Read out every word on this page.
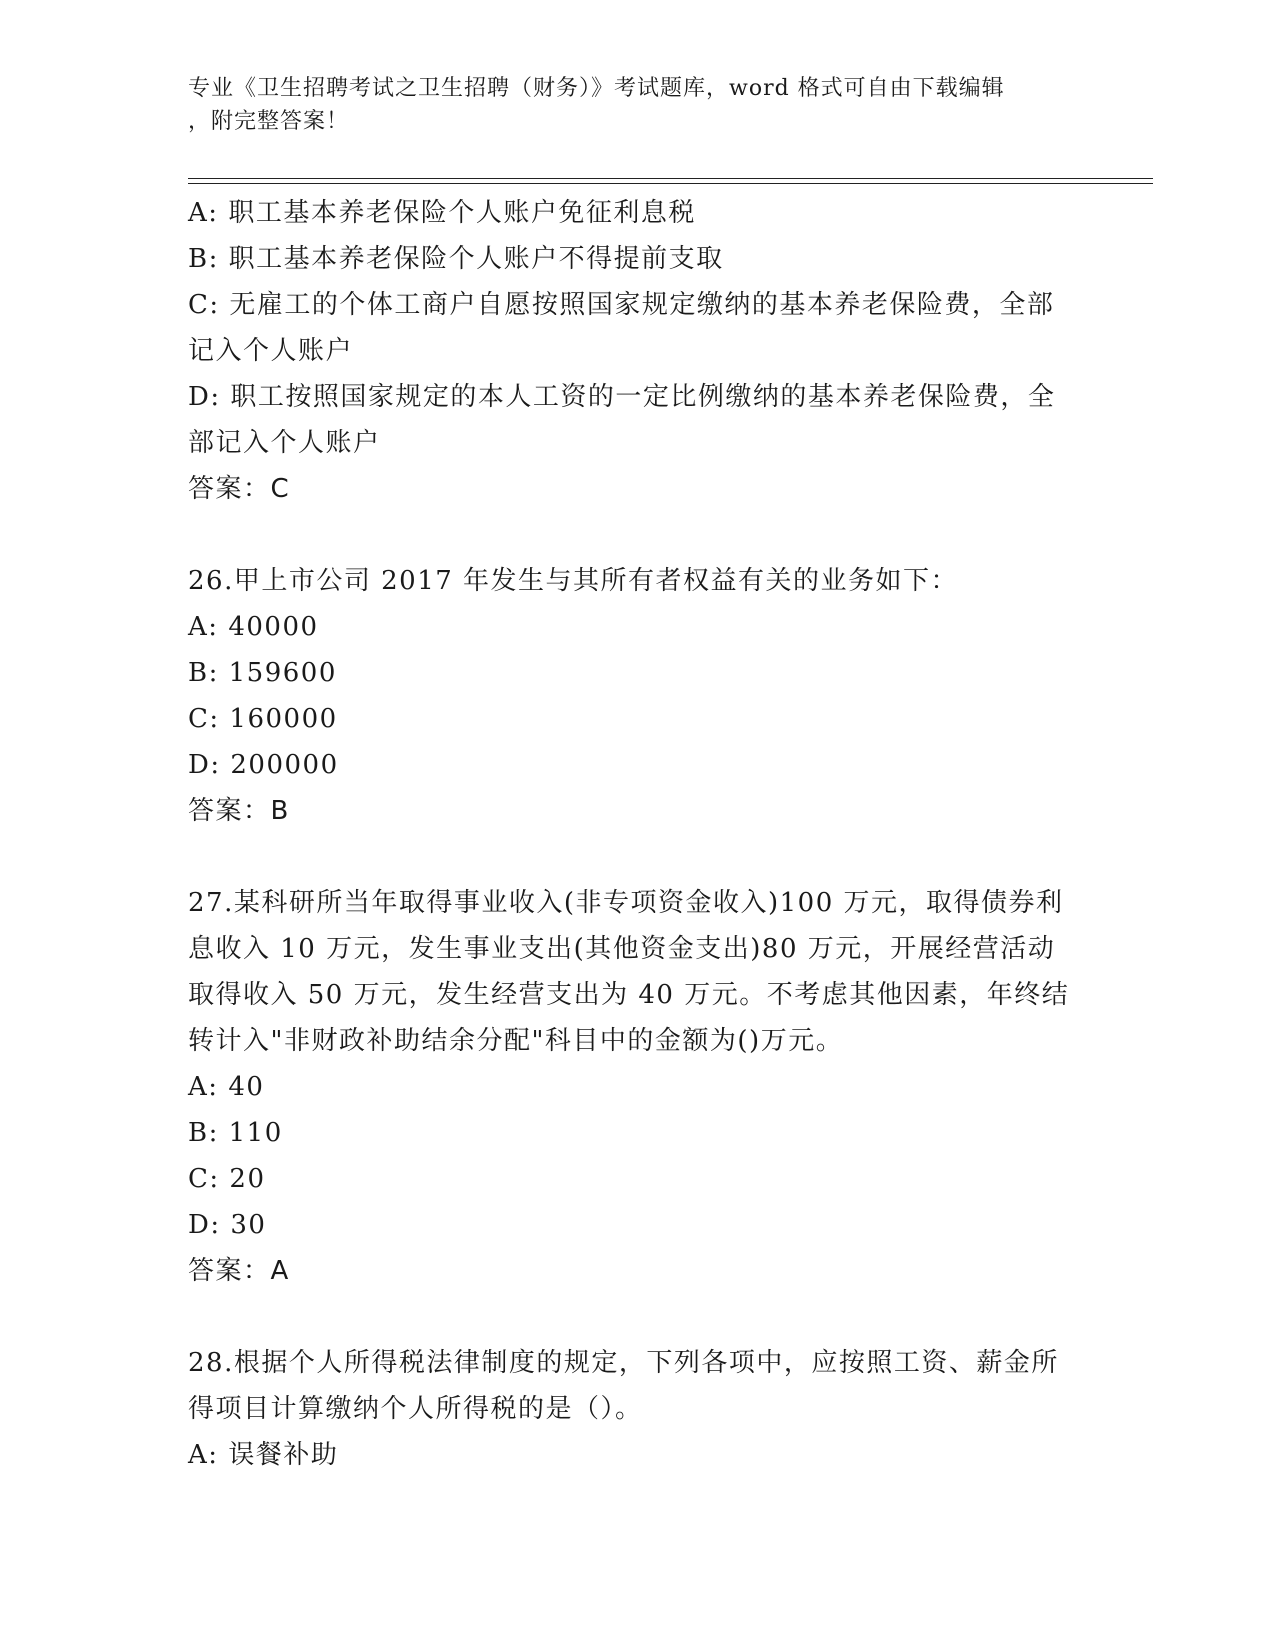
专业《卫生招聘考试之卫生招聘（财务）》考试题库，word 格式可自由下载编辑
，附完整答案！
A: 职工基本养老保险个人账户免征利息税
B: 职工基本养老保险个人账户不得提前支取
C: 无雇工的个体工商户自愿按照国家规定缴纳的基本养老保险费，全部记入个人账户
D: 职工按照国家规定的本人工资的一定比例缴纳的基本养老保险费，全部记入个人账户
答案：C
26.甲上市公司 2017 年发生与其所有者权益有关的业务如下：
A: 40000
B: 159600
C: 160000
D: 200000
答案：B
27.某科研所当年取得事业收入(非专项资金收入)100 万元，取得债券利息收入 10 万元，发生事业支出(其他资金支出)80 万元，开展经营活动取得收入 50 万元，发生经营支出为 40 万元。不考虑其他因素，年终结转计入"非财政补助结余分配"科目中的金额为()万元。
A: 40
B: 110
C: 20
D: 30
答案：A
28.根据个人所得税法律制度的规定，下列各项中，应按照工资、薪金所得项目计算缴纳个人所得税的是（）。
A: 误餐补助
